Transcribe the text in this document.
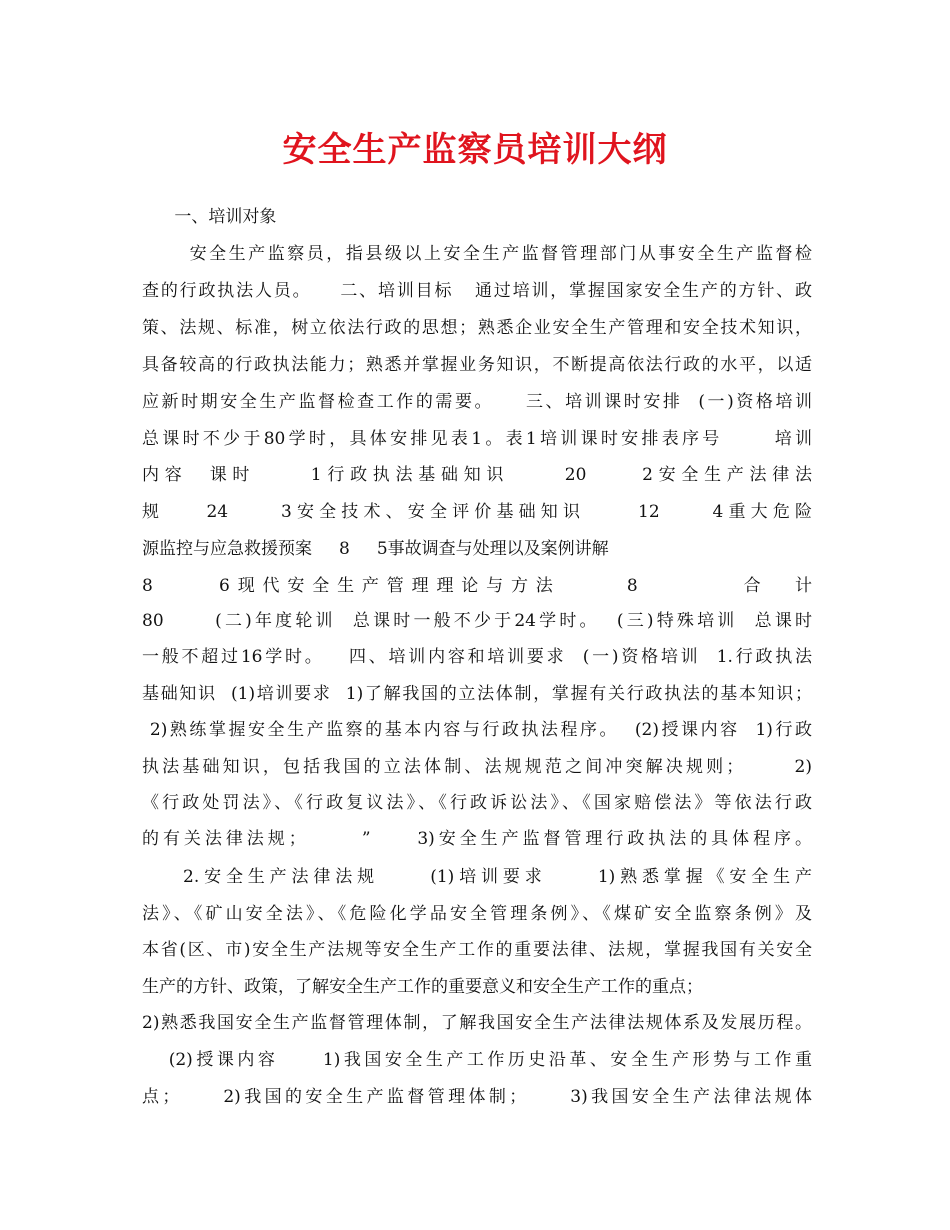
安全生产监察员培训大纲
一、培训对象
安全生产监察员，指县级以上安全生产监督管理部门从事安全生产监督检
查的行政执法人员。    二、培训目标   通过培训，掌握国家安全生产的方针、政
策、法规、标准，树立依法行政的思想；熟悉企业安全生产管理和安全技术知识，
具备较高的行政执法能力；熟悉并掌握业务知识，不断提高依法行政的水平，以适
应新时期安全生产监督检查工作的需要。    三、培训课时安排  (一)资格培训
总课时不少于80学时，具体安排见表1。表1培训课时安排表序号      培训
内容  课时     1行政执法基础知识     20     2安全生产法律法
规    24     3安全技术、安全评价基础知识     12     4重大危险
源监控与应急救援预案     8     5事故调查与处理以及案例讲解
8     6现代安全生产管理理论与方法     8        合  计
80      (二)年度轮训  总课时一般不少于24学时。  (三)特殊培训  总课时
一般不超过16学时。   四、培训内容和培训要求  (一)资格培训  1.行政执法
基础知识  (1)培训要求  1)了解我国的立法体制，掌握有关行政执法的基本知识；
2)熟练掌握安全生产监察的基本内容与行政执法程序。  (2)授课内容  1)行政
执法基础知识，包括我国的立法体制、法规规范之间冲突解决规则；      2)
《行政处罚法》、《行政复议法》、《行政诉讼法》、《国家赔偿法》等依法行政
的有关法律法规；      ”     3)安全生产监督管理行政执法的具体程序。
2.安全生产法律法规     (1)培训要求     1)熟悉掌握《安全生产
法》、《矿山安全法》、《危险化学品安全管理条例》、《煤矿安全监察条例》及
本省(区、市)安全生产法规等安全生产工作的重要法律、法规，掌握我国有关安全
生产的方针、政策，了解安全生产工作的重要意义和安全生产工作的重点；
2)熟悉我国安全生产监督管理体制，了解我国安全生产法律法规体系及发展历程。
(2)授课内容     1)我国安全生产工作历史沿革、安全生产形势与工作重
点；     2)我国的安全生产监督管理体制；     3)我国安全生产法律法规体
